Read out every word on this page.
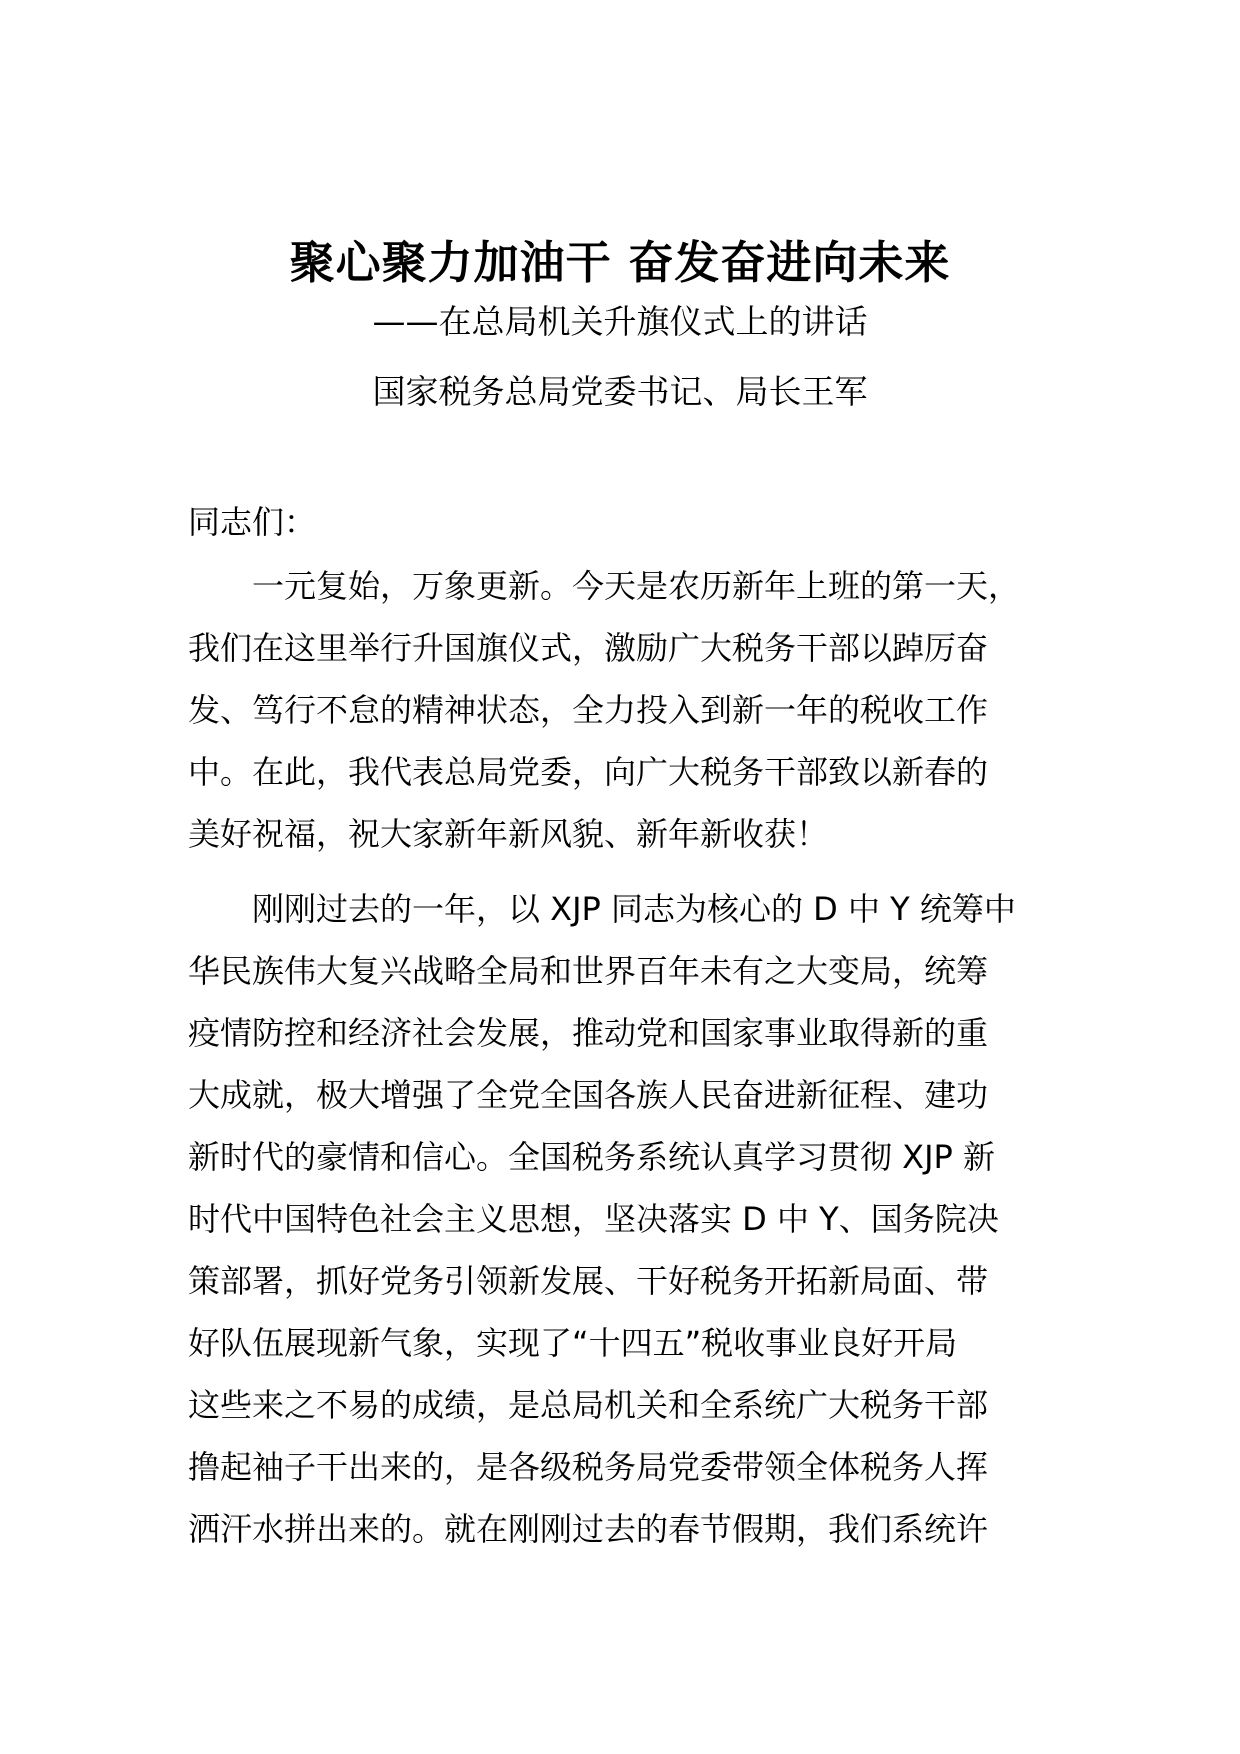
聚心聚力加油干 奋发奋进向未来
——在总局机关升旗仪式上的讲话
国家税务总局党委书记、局长王军
同志们：
　　一元复始，万象更新。今天是农历新年上班的第一天，
我们在这里举行升国旗仪式，激励广大税务干部以踔厉奋
发、笃行不怠的精神状态，全力投入到新一年的税收工作
中。在此，我代表总局党委，向广大税务干部致以新春的
美好祝福，祝大家新年新风貌、新年新收获！
　　刚刚过去的一年，以 XJP 同志为核心的 D 中 Y 统筹中
华民族伟大复兴战略全局和世界百年未有之大变局，统筹
疫情防控和经济社会发展，推动党和国家事业取得新的重
大成就，极大增强了全党全国各族人民奋进新征程、建功
新时代的豪情和信心。全国税务系统认真学习贯彻 XJP 新
时代中国特色社会主义思想，坚决落实 D 中 Y、国务院决
策部署，抓好党务引领新发展、干好税务开拓新局面、带
好队伍展现新气象，实现了“十四五”税收事业良好开局
这些来之不易的成绩，是总局机关和全系统广大税务干部
撸起袖子干出来的，是各级税务局党委带领全体税务人挥
洒汗水拼出来的。就在刚刚过去的春节假期，我们系统许
